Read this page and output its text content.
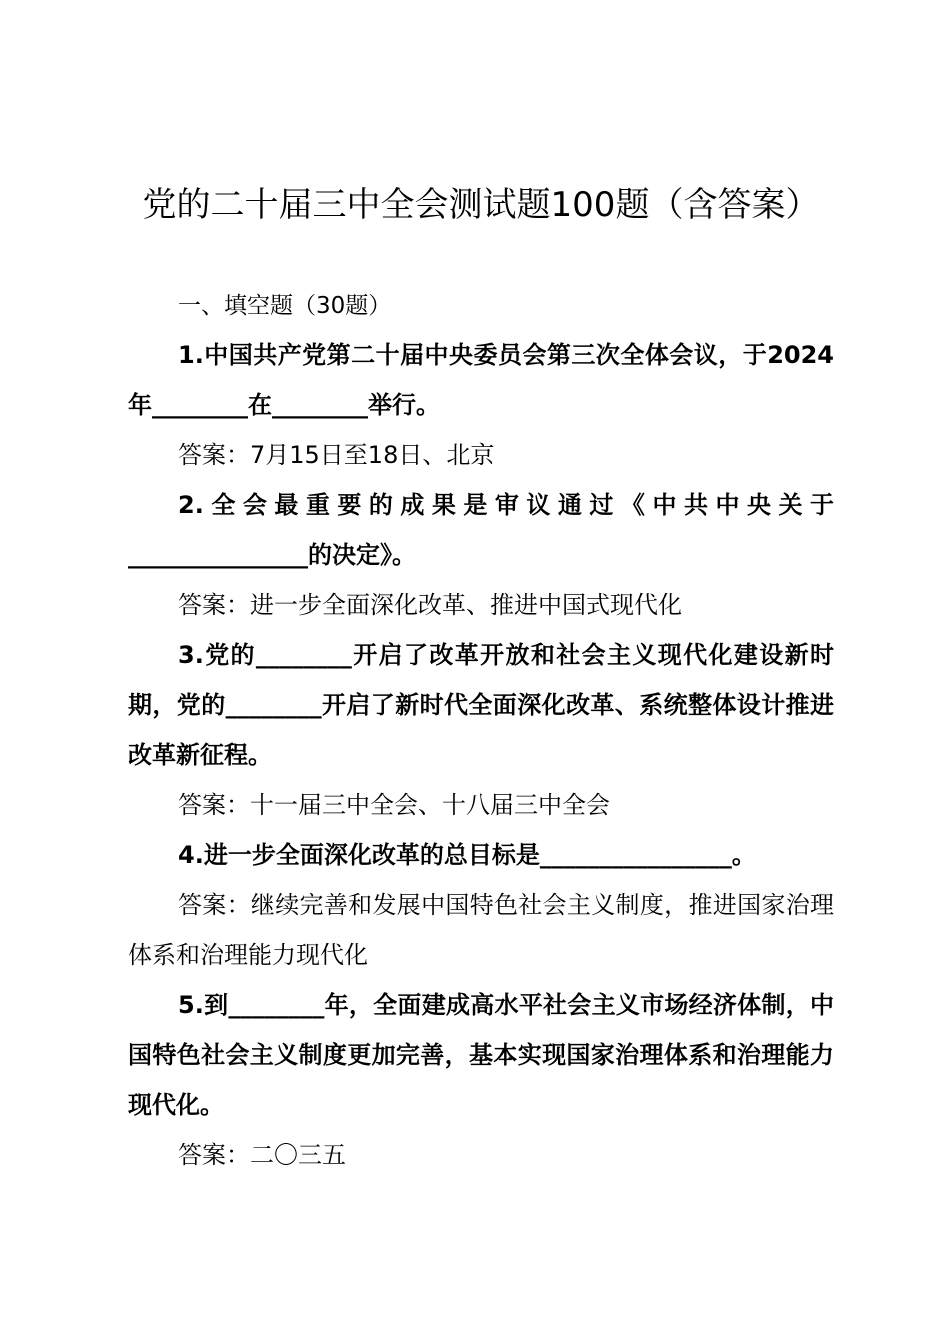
党的二十届三中全会测试题100题（含答案）
一、填空题（30题）

1.中国共产党第二十届中央委员会第三次全体会议，于2024年________在________举行。

答案：7月15日至18日、北京

2.全会最重要的成果是审议通过《中共中央关于_______________的决定》。

答案：进一步全面深化改革、推进中国式现代化

3.党的________开启了改革开放和社会主义现代化建设新时期，党的________开启了新时代全面深化改革、系统整体设计推进改革新征程。

答案：十一届三中全会、十八届三中全会

4.进一步全面深化改革的总目标是________________。

答案：继续完善和发展中国特色社会主义制度，推进国家治理体系和治理能力现代化

5.到________年，全面建成高水平社会主义市场经济体制，中国特色社会主义制度更加完善，基本实现国家治理体系和治理能力现代化。

答案：二〇三五
